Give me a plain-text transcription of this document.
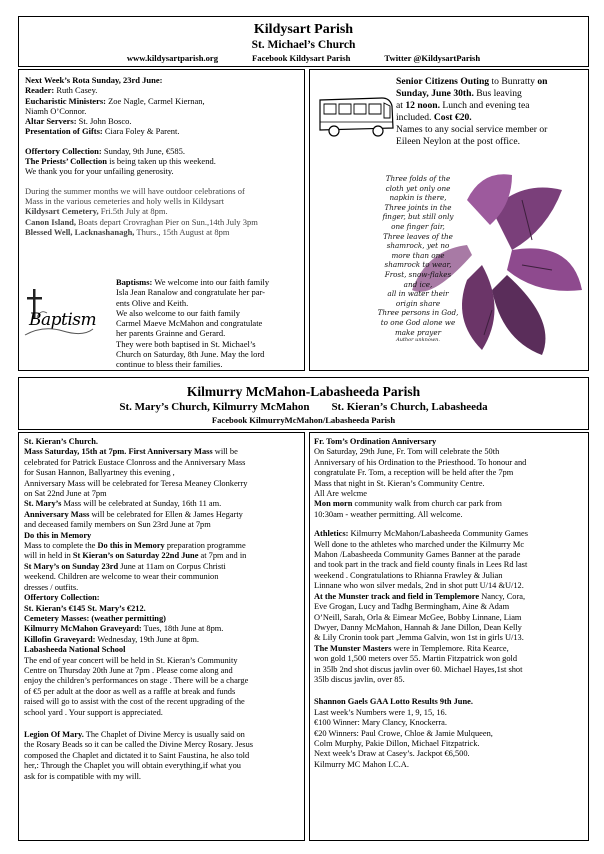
Kildysart Parish
St. Michael’s Church
www.kildysartparish.org	Facebook Kildysart Parish	Twitter @KildysartParish

Next Week’s Rota Sunday, 23rd June:

Reader: Ruth Casey.

Eucharistic Ministers: Zoe Nagle, Carmel Kiernan,

Niamh O’Connor.

Altar Servers: St. John Bosco.

Presentation of Gifts: Ciara Foley & Parent.

Offertory Collection: Sunday, 9th June, €585.

The Priests’ Collection is being taken up this weekend.

We thank you for your unfailing generosity.

During the summer months we will have outdoor celebrations of

Mass in the various cemeteries and holy wells in Kildysart

Kildysart Cemetery, Fri.5th July at 8pm.

Canon Island, Boats depart Crovraghan Pier on Sun.,14th July 3pm

Blessed Well, Lacknashanagh, Thurs., 15th August at 8pm

Baptism

Baptisms: We welcome into our faith family

Isla Jean Ranalow and congratulate her par-

ents Olive and Keith.

We also welcome to our faith family

Carmel Maeve McMahon and congratulate

her parents Grainne and Gerard.

They were both baptised in St. Michael’s

Church on Saturday, 8th June. May the lord

continue to bless their families.

Senior Citizens Outing to Bunratty on

Sunday, June 30th. Bus leaving

at 12 noon. Lunch and evening tea

included. Cost €20.

Names to any social service member or

Eileen Neylon at the post office.

Three folds of the

cloth yet only one

napkin is there,

Three joints in the

finger, but still only

one finger fair,

Three leaves of the

shamrock, yet no

more than one

shamrock to wear,

Frost, snow-flakes

and ice,

all in water their

origin share

Three persons in God,

to one God alone we

make prayer

Author unknown.

Kilmurry McMahon-Labasheeda Parish
St. Mary’s Church, Kilmurry McMahon St. Kieran’s Church, Labasheeda
Facebook KilmurryMcMahon/Labasheeda Parish

St. Kieran’s Church.

Mass Saturday, 15th at 7pm. First Anniversary Mass will be

celebrated for Patrick Eustace Clonross and the Anniversary Mass

for Susan Hannon, Ballyartney this evening ,

Anniversary Mass will be celebrated for Teresa Meaney Clonkerry

on Sat 22nd June at 7pm

St. Mary’s Mass will be celebrated at Sunday, 16th 11 am.

Anniversary Mass will be celebrated for Ellen & James Hegarty

and deceased family members on Sun 23rd June at 7pm

Do this in Memory

Mass to complete the Do this in Memory preparation programme

will in held in St Kieran’s on Saturday 22nd June at 7pm and in

St Mary’s on Sunday 23rd June at 11am on Corpus Christi

weekend. Children are welcome to wear their communion

dresses / outfits.

Offertory Collection:

St. Kieran’s €145 St. Mary’s €212.

Cemetery Masses: (weather permitting)

Kilmurry McMahon Graveyard: Tues, 18th June at 8pm.

Killofin Graveyard: Wednesday, 19th June at 8pm.

Labasheeda National School

The end of year concert will be held in St. Kieran’s Community

Centre on Thursday 20th June at 7pm . Please come along and

enjoy the children’s performances on stage . There will be a charge

of €5 per adult at the door as well as a raffle at break and funds

raised will go to assist with the cost of the recent upgrading of the

school yard . Your support is appreciated.

Legion Of Mary. The Chaplet of Divine Mercy is usually said on

the Rosary Beads so it can be called the Divine Mercy Rosary. Jesus

composed the Chaplet and dictated it to Saint Faustina, he also told

her,: Through the Chaplet you will obtain everything,if what you

ask for is compatible with my will.

Fr. Tom’s Ordination Anniversary

On Saturday, 29th June, Fr. Tom will celebrate the 50th

Anniversary of his Ordination to the Priesthood. To honour and

congratulate Fr. Tom, a reception will be held after the 7pm

Mass that night in St. Kieran’s Community Centre.

All Are welcme

Mon morn community walk from church car park from

10:30am - weather permitting. All welcome.

Athletics: Kilmurry McMahon/Labasheeda Community Games

Well done to the athletes who marched under the Kilmurry Mc

Mahon /Labasheeda Community Games Banner at the parade

and took part in the track and field county finals in Lees Rd last

weekend . Congratulations to Rhianna Frawley & Julian

Linnane who won silver medals, 2nd in shot putt U/14 &U/12.

At the Munster track and field in Templemore Nancy, Cora,

Eve Grogan, Lucy and Tadhg Bermingham, Aine & Adam

O’Neill, Sarah, Orla & Eimear McGee, Bobby Linnane, Liam

Dwyer, Danny McMahon, Hannah & Jane Dillon, Dean Kelly

& Lily Cronin took part ,Jemma Galvin, won 1st in girls U/13.

The Munster Masters were in Templemore. Rita Kearce,

won gold 1,500 meters over 55. Martin Fitzpatrick won gold

in 35lb 2nd shot discus javlin over 60. Michael Hayes,1st shot

35lb discus javlin, over 85.

Shannon Gaels GAA Lotto Results 9th June.

Last week’s Numbers were 1, 9, 15, 16.

€100 Winner: Mary Clancy, Knockerra.

€20 Winners: Paul Crowe, Chloe & Jamie Mulqueen,

Colm Murphy, Pakie Dillon, Michael Fitzpatrick.

Next week’s Draw at Casey’s. Jackpot €6,500.

Kilmurry MC Mahon I.C.A.
